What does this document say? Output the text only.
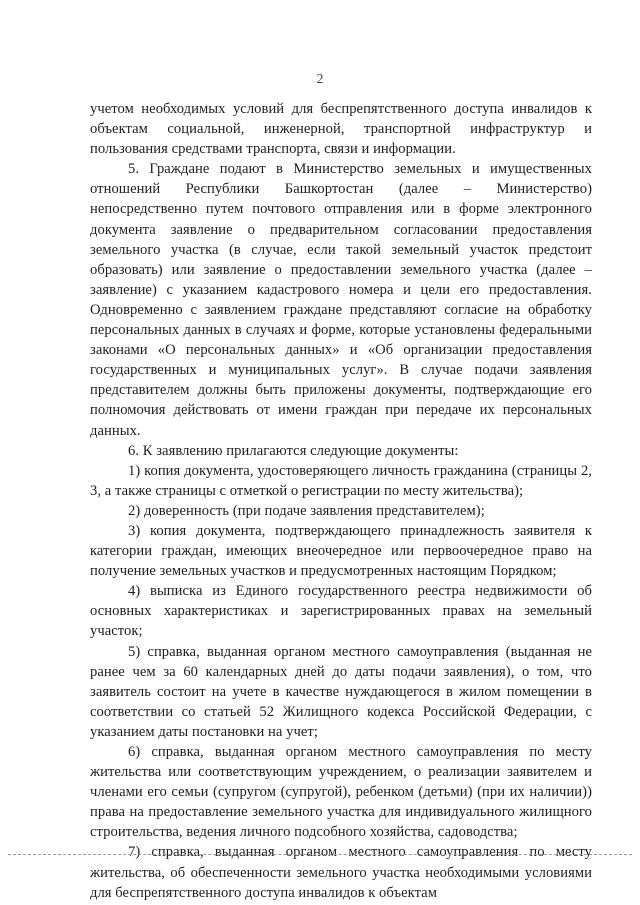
2

учетом необходимых условий для беспрепятственного доступа инвалидов к объектам социальной, инженерной, транспортной инфраструктур и пользования средствами транспорта, связи и информации.

5. Граждане подают в Министерство земельных и имущественных отношений Республики Башкортостан (далее – Министерство) непосредственно путем почтового отправления или в форме электронного документа заявление о предварительном согласовании предоставления земельного участка (в случае, если такой земельный участок предстоит образовать) или заявление о предоставлении земельного участка (далее – заявление) с указанием кадастрового номера и цели его предоставления. Одновременно с заявлением граждане представляют согласие на обработку персональных данных в случаях и форме, которые установлены федеральными законами «О персональных данных» и «Об организации предоставления государственных и муниципальных услуг». В случае подачи заявления представителем должны быть приложены документы, подтверждающие его полномочия действовать от имени граждан при передаче их персональных данных.

6. К заявлению прилагаются следующие документы:

1) копия документа, удостоверяющего личность гражданина (страницы 2, 3, а также страницы с отметкой о регистрации по месту жительства);

2) доверенность (при подаче заявления представителем);

3) копия документа, подтверждающего принадлежность заявителя к категории граждан, имеющих внеочередное или первоочередное право на получение земельных участков и предусмотренных настоящим Порядком;

4) выписка из Единого государственного реестра недвижимости об основных характеристиках и зарегистрированных правах на земельный участок;

5) справка, выданная органом местного самоуправления (выданная не ранее чем за 60 календарных дней до даты подачи заявления), о том, что заявитель состоит на учете в качестве нуждающегося в жилом помещении в соответствии со статьей 52 Жилищного кодекса Российской Федерации, с указанием даты постановки на учет;

6) справка, выданная органом местного самоуправления по месту жительства или соответствующим учреждением, о реализации заявителем и членами его семьи (супругом (супругой), ребенком (детьми) (при их наличии)) права на предоставление земельного участка для индивидуального жилищного строительства, ведения личного подсобного хозяйства, садоводства;

7) справка, выданная органом местного самоуправления по месту жительства, об обеспеченности земельного участка необходимыми условиями для беспрепятственного доступа инвалидов к объектам
